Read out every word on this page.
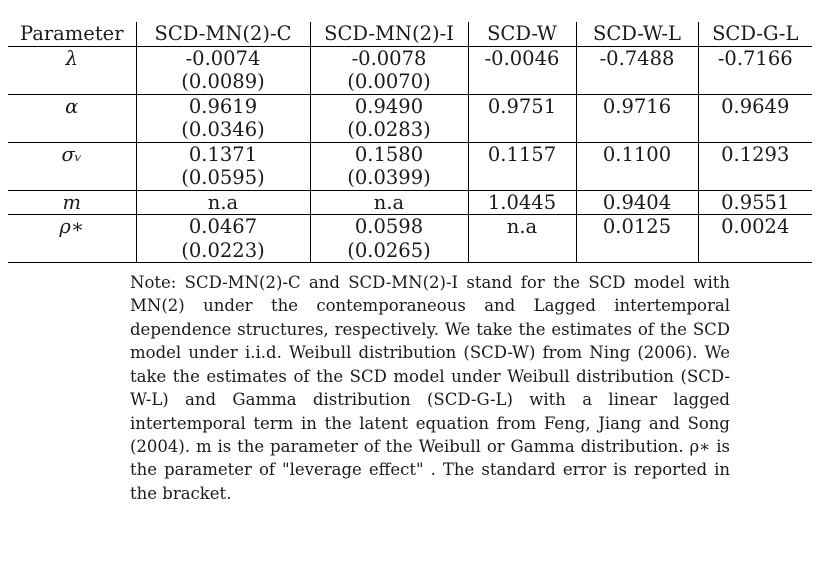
Parameter	SCD-MN(2)-C	SCD-MN(2)-I	SCD-W	SCD-W-L	SCD-G-L
λ	-0.0074	-0.0078	-0.0046	-0.7488	-0.7166
	(0.0089)	(0.0070)			
α	0.9619	0.9490	0.9751	0.9716	0.9649
	(0.0346)	(0.0283)			
σᵥ	0.1371	0.1580	0.1157	0.1100	0.1293
	(0.0595)	(0.0399)			
m	n.a	n.a	1.0445	0.9404	0.9551
ρ∗	0.0467	0.0598	n.a	0.0125	0.0024
	(0.0223)	(0.0265)			
Note: SCD-MN(2)-C and SCD-MN(2)-I stand for the SCD model with MN(2) under the contemporaneous and Lagged intertemporal dependence structures, respectively. We take the estimates of the SCD model under i.i.d. Weibull distribution (SCD-W) from Ning (2006). We take the estimates of the SCD model under Weibull distribution (SCD-W-L) and Gamma distribution (SCD-G-L) with a linear lagged intertemporal term in the latent equation from Feng, Jiang and Song (2004). m is the parameter of the Weibull or Gamma distribution. ρ∗ is the parameter of "leverage effect" . The standard error is reported in the bracket.
